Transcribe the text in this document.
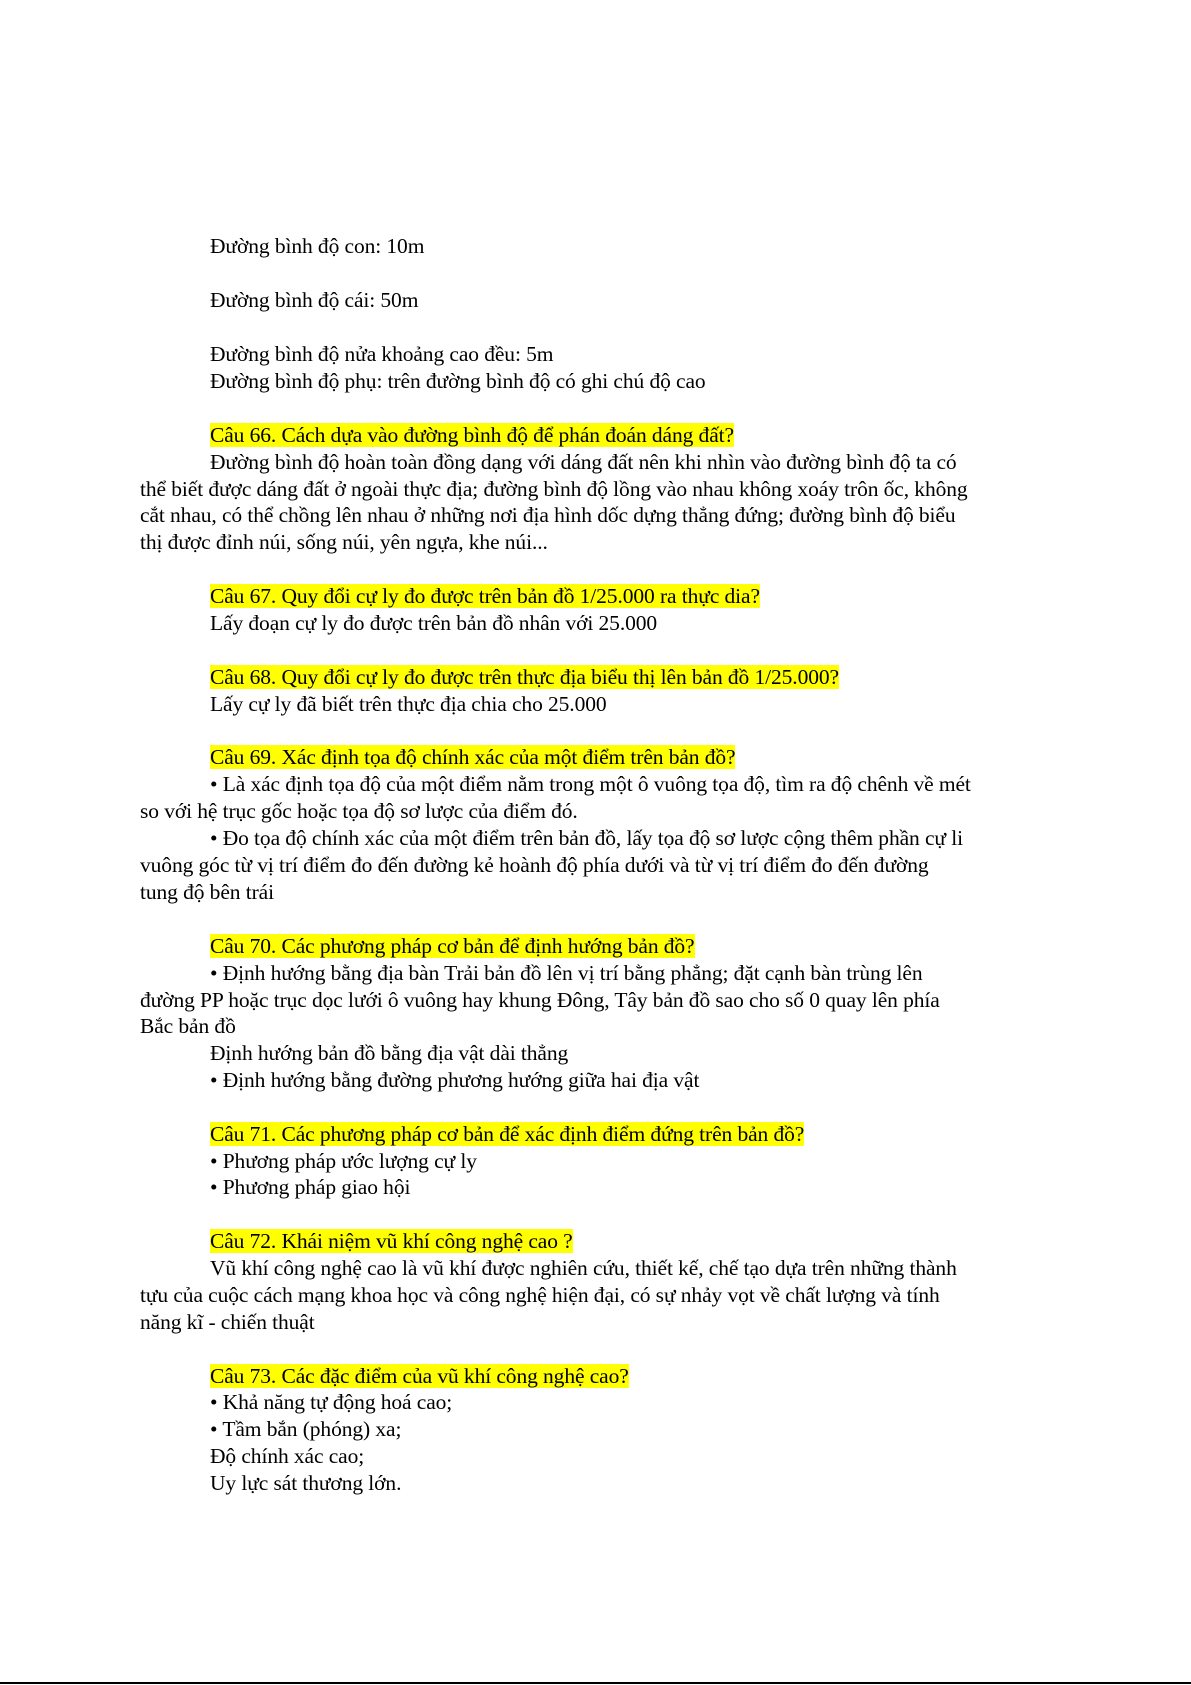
Đường bình độ con: 10m
Đường bình độ cái: 50m
Đường bình độ nửa khoảng cao đều: 5m
Đường bình độ phụ: trên đường bình độ có ghi chú độ cao
Câu 66. Cách dựa vào đường bình độ để phán đoán dáng đất?
Đường bình độ hoàn toàn đồng dạng với dáng đất nên khi nhìn vào đường bình độ ta có
thể biết được dáng đất ở ngoài thực địa; đường bình độ lồng vào nhau không xoáy trôn ốc, không
cắt nhau, có thể chồng lên nhau ở những nơi địa hình dốc dựng thẳng đứng; đường bình độ biểu
thị được đỉnh núi, sống núi, yên ngựa, khe núi...
Câu 67. Quy đổi cự ly đo được trên bản đồ 1/25.000 ra thực dia?
Lấy đoạn cự ly đo được trên bản đồ nhân với 25.000
Câu 68. Quy đổi cự ly đo được trên thực địa biểu thị lên bản đồ 1/25.000?
Lấy cự ly đã biết trên thực địa chia cho 25.000
Câu 69. Xác định tọa độ chính xác của một điểm trên bản đồ?
• Là xác định tọa độ của một điểm nằm trong một ô vuông tọa độ, tìm ra độ chênh về mét
so với hệ trục gốc hoặc tọa độ sơ lược của điểm đó.
• Đo tọa độ chính xác của một điểm trên bản đồ, lấy tọa độ sơ lược cộng thêm phần cự li
vuông góc từ vị trí điểm đo đến đường kẻ hoành độ phía dưới và từ vị trí điểm đo đến đường
tung độ bên trái
Câu 70. Các phương pháp cơ bản để định hướng bản đồ?
• Định hướng bằng địa bàn Trải bản đồ lên vị trí bằng phẳng; đặt cạnh bàn trùng lên
đường PP hoặc trục dọc lưới ô vuông hay khung Đông, Tây bản đồ sao cho số 0 quay lên phía
Bắc bản đồ
Định hướng bản đồ bằng địa vật dài thẳng
• Định hướng bằng đường phương hướng giữa hai địa vật
Câu 71. Các phương pháp cơ bản để xác định điểm đứng trên bản đồ?
• Phương pháp ước lượng cự ly
• Phương pháp giao hội
Câu 72. Khái niệm vũ khí công nghệ cao ?
Vũ khí công nghệ cao là vũ khí được nghiên cứu, thiết kế, chế tạo dựa trên những thành
tựu của cuộc cách mạng khoa học và công nghệ hiện đại, có sự nhảy vọt về chất lượng và tính
năng kĩ - chiến thuật
Câu 73. Các đặc điểm của vũ khí công nghệ cao?
• Khả năng tự động hoá cao;
• Tầm bắn (phóng) xa;
Độ chính xác cao;
Uy lực sát thương lớn.
